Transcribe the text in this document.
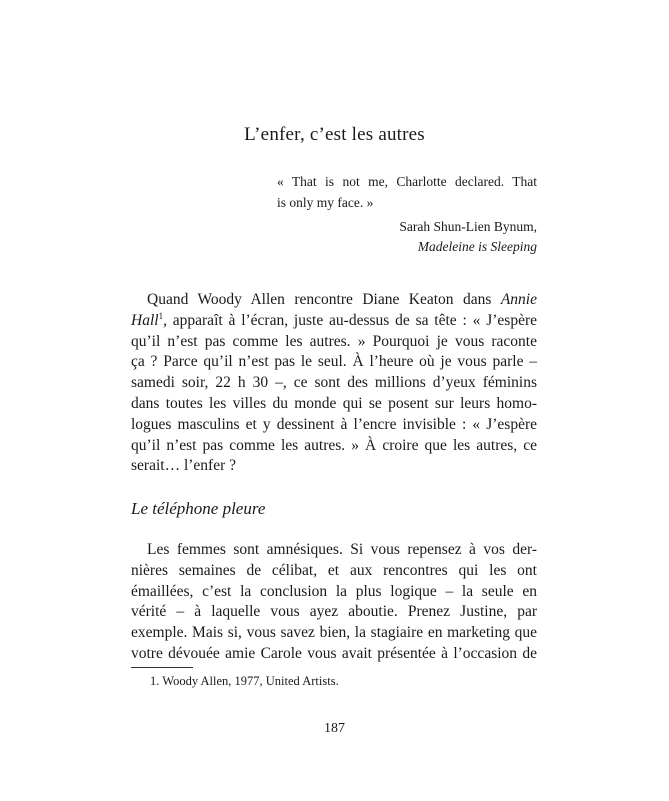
L’enfer, c’est les autres
« That is not me, Charlotte declared. That
is only my face. »
Sarah Shun-Lien Bynum,
Madeleine is Sleeping
Quand Woody Allen rencontre Diane Keaton dans Annie
Hall$^1$, apparaît à l’écran, juste au-dessus de sa tête : « J’espère
qu’il n’est pas comme les autres. » Pourquoi je vous raconte
ça ? Parce qu’il n’est pas le seul. À l’heure où je vous parle –
samedi soir, 22 h 30 –, ce sont des millions d’yeux féminins
dans toutes les villes du monde qui se posent sur leurs homo-
logues masculins et y dessinent à l’encre invisible : « J’espère
qu’il n’est pas comme les autres. » À croire que les autres, ce
serait… l’enfer ?
Le téléphone pleure
Les femmes sont amnésiques. Si vous repensez à vos der-
nières semaines de célibat, et aux rencontres qui les ont
émaillées, c’est la conclusion la plus logique – la seule en
vérité – à laquelle vous ayez aboutie. Prenez Justine, par
exemple. Mais si, vous savez bien, la stagiaire en marketing que
votre dévouée amie Carole vous avait présentée à l’occasion de
1. Woody Allen, 1977, United Artists.
187
